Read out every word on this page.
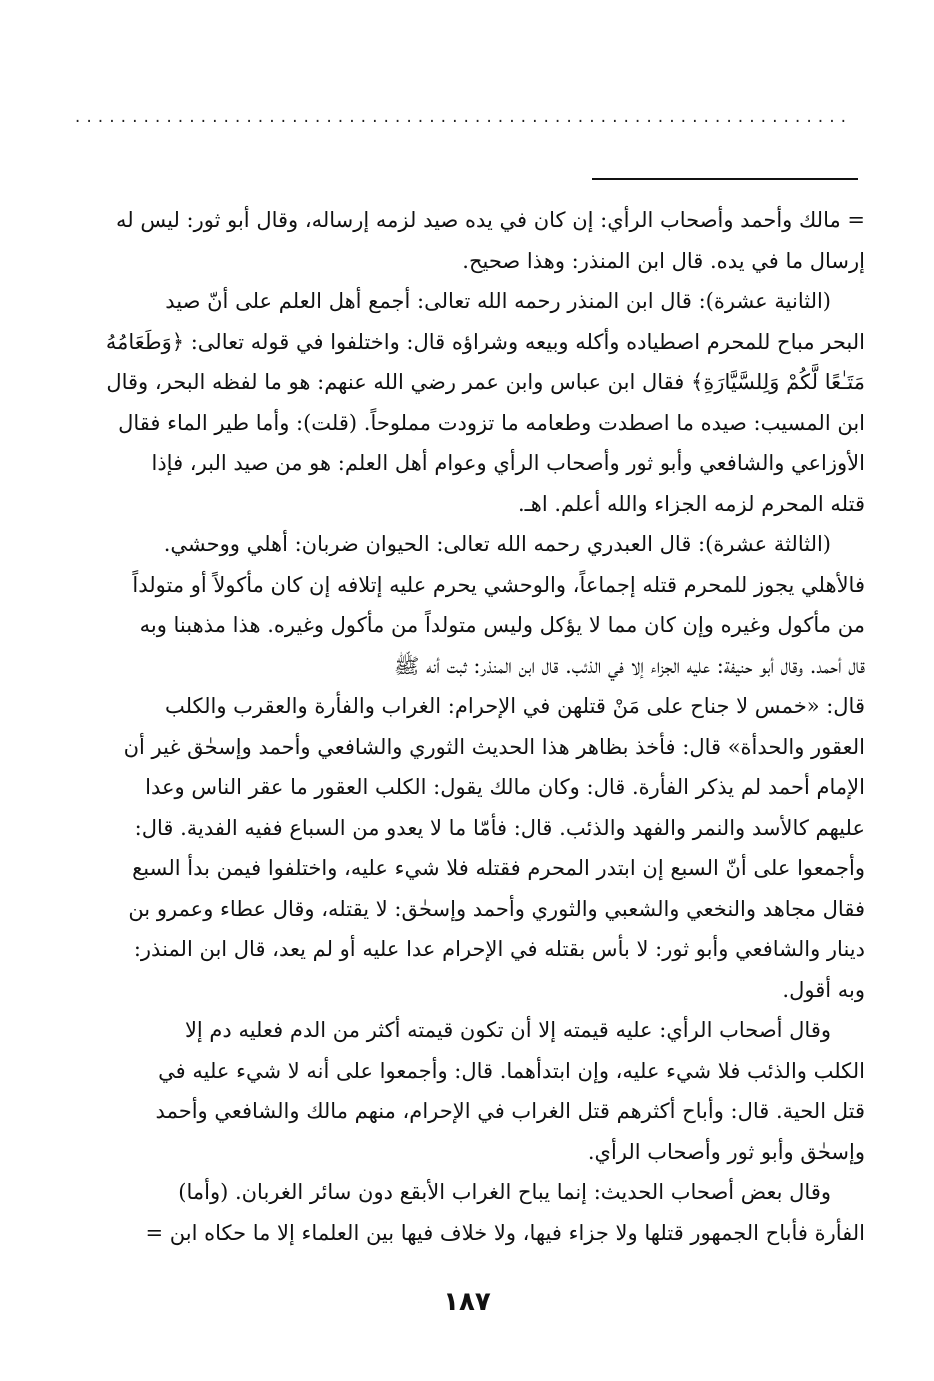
....................................................................
= مالك وأحمد وأصحاب الرأي: إن كان في يده صيد لزمه إرساله، وقال أبو ثور: ليس له
إرسال ما في يده. قال ابن المنذر: وهذا صحيح.
(الثانية عشرة): قال ابن المنذر رحمه الله تعالى: أجمع أهل العلم على أنّ صيد
البحر مباح للمحرم اصطياده وأكله وبيعه وشراؤه قال: واختلفوا في قوله تعالى: ﴿وَطَعَامُهُ
مَتَـٰعًا لَّكُمْ وَلِلسَّيَّارَةِ﴾ فقال ابن عباس وابن عمر رضي الله عنهم: هو ما لفظه البحر، وقال
ابن المسيب: صيده ما اصطدت وطعامه ما تزودت مملوحاً. (قلت): وأما طير الماء فقال
الأوزاعي والشافعي وأبو ثور وأصحاب الرأي وعوام أهل العلم: هو من صيد البر، فإذا
قتله المحرم لزمه الجزاء والله أعلم. اهـ.
(الثالثة عشرة): قال العبدري رحمه الله تعالى: الحيوان ضربان: أهلي ووحشي.
فالأهلي يجوز للمحرم قتله إجماعاً، والوحشي يحرم عليه إتلافه إن كان مأكولاً أو متولداً
من مأكول وغيره وإن كان مما لا يؤكل وليس متولداً من مأكول وغيره. هذا مذهبنا وبه
قال أحمد. وقال أبو حنيفة: عليه الجزاء إلا في الذئب. قال ابن المنذر: ثبت أنه ﷺ
قال: «خمس لا جناح على مَنْ قتلهن في الإحرام: الغراب والفأرة والعقرب والكلب
العقور والحدأة» قال: فأخذ بظاهر هذا الحديث الثوري والشافعي وأحمد وإسحٰق غير أن
الإمام أحمد لم يذكر الفأرة. قال: وكان مالك يقول: الكلب العقور ما عقر الناس وعدا
عليهم كالأسد والنمر والفهد والذئب. قال: فأمّا ما لا يعدو من السباع ففيه الفدية. قال:
وأجمعوا على أنّ السبع إن ابتدر المحرم فقتله فلا شيء عليه، واختلفوا فيمن بدأ السبع
فقال مجاهد والنخعي والشعبي والثوري وأحمد وإسحٰق: لا يقتله، وقال عطاء وعمرو بن
دينار والشافعي وأبو ثور: لا بأس بقتله في الإحرام عدا عليه أو لم يعد، قال ابن المنذر:
وبه أقول.
وقال أصحاب الرأي: عليه قيمته إلا أن تكون قيمته أكثر من الدم فعليه دم إلا
الكلب والذئب فلا شيء عليه، وإن ابتدأهما. قال: وأجمعوا على أنه لا شيء عليه في
قتل الحية. قال: وأباح أكثرهم قتل الغراب في الإحرام، منهم مالك والشافعي وأحمد
وإسحٰق وأبو ثور وأصحاب الرأي.
وقال بعض أصحاب الحديث: إنما يباح الغراب الأبقع دون سائر الغربان. (وأما)
الفأرة فأباح الجمهور قتلها ولا جزاء فيها، ولا خلاف فيها بين العلماء إلا ما حكاه ابن =
١٨٧
